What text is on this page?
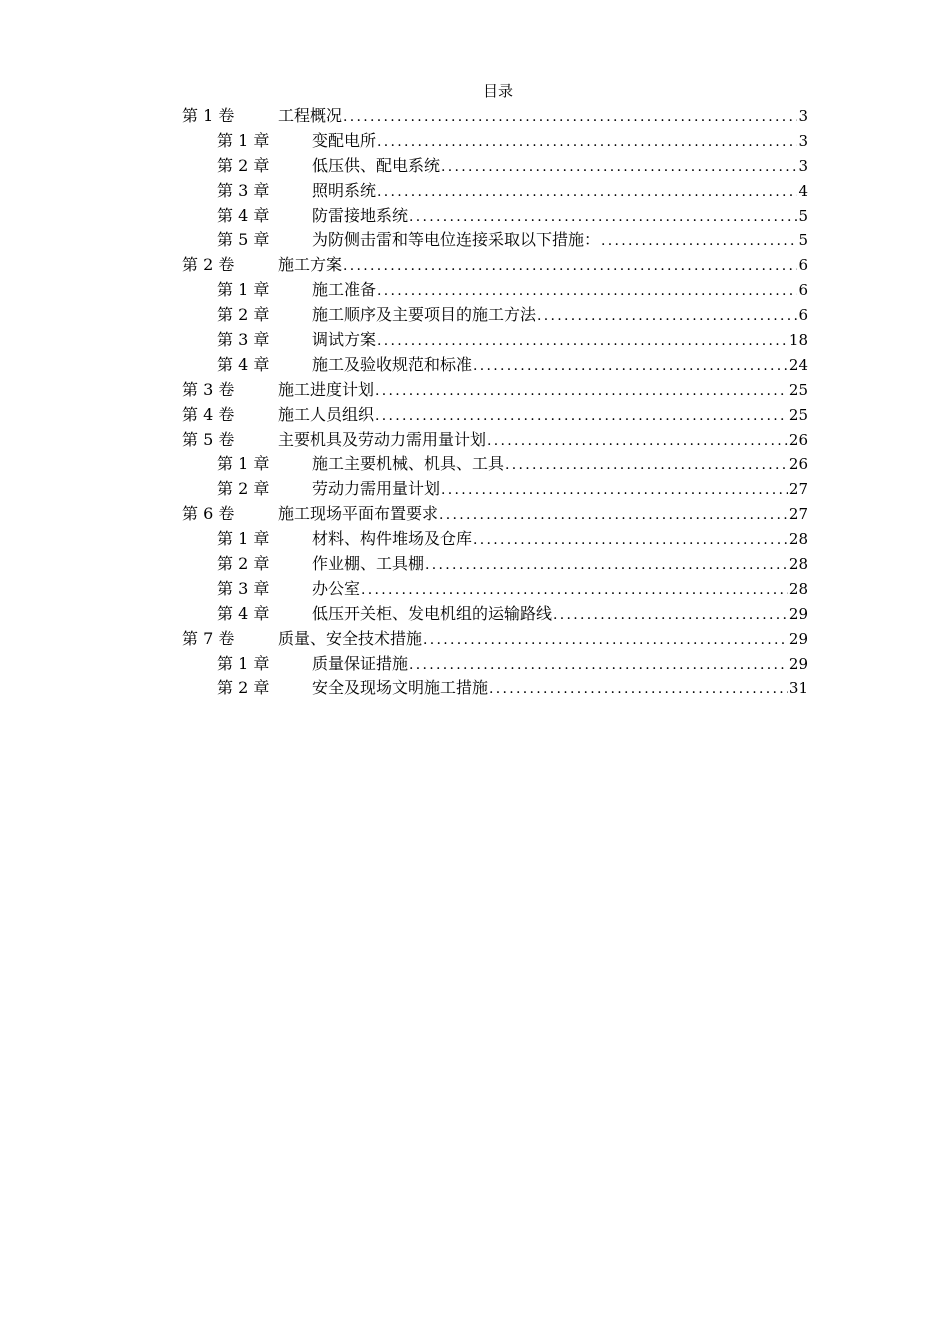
目录
第 1 卷	工程概况 .....	3
第 1 章	变配电所 .....	3
第 2 章	低压供、配电系统 .....	3
第 3 章	照明系统 .....	4
第 4 章	防雷接地系统 .....	5
第 5 章	为防侧击雷和等电位连接采取以下措施： .....	5
第 2 卷	施工方案 .....	6
第 1 章	施工准备 .....	6
第 2 章	施工顺序及主要项目的施工方法 .....	6
第 3 章	调试方案 .....	18
第 4 章	施工及验收规范和标准 .....	24
第 3 卷	施工进度计划 .....	25
第 4 卷	施工人员组织 .....	25
第 5 卷	主要机具及劳动力需用量计划 .....	26
第 1 章	施工主要机械、机具、工具 .....	26
第 2 章	劳动力需用量计划 .....	27
第 6 卷	施工现场平面布置要求 .....	27
第 1 章	材料、构件堆场及仓库 .....	28
第 2 章	作业棚、工具棚 .....	28
第 3 章	办公室 .....	28
第 4 章	低压开关柜、发电机组的运输路线 .....	29
第 7 卷	质量、安全技术措施 .....	29
第 1 章	质量保证措施 .....	29
第 2 章	安全及现场文明施工措施 .....	31
